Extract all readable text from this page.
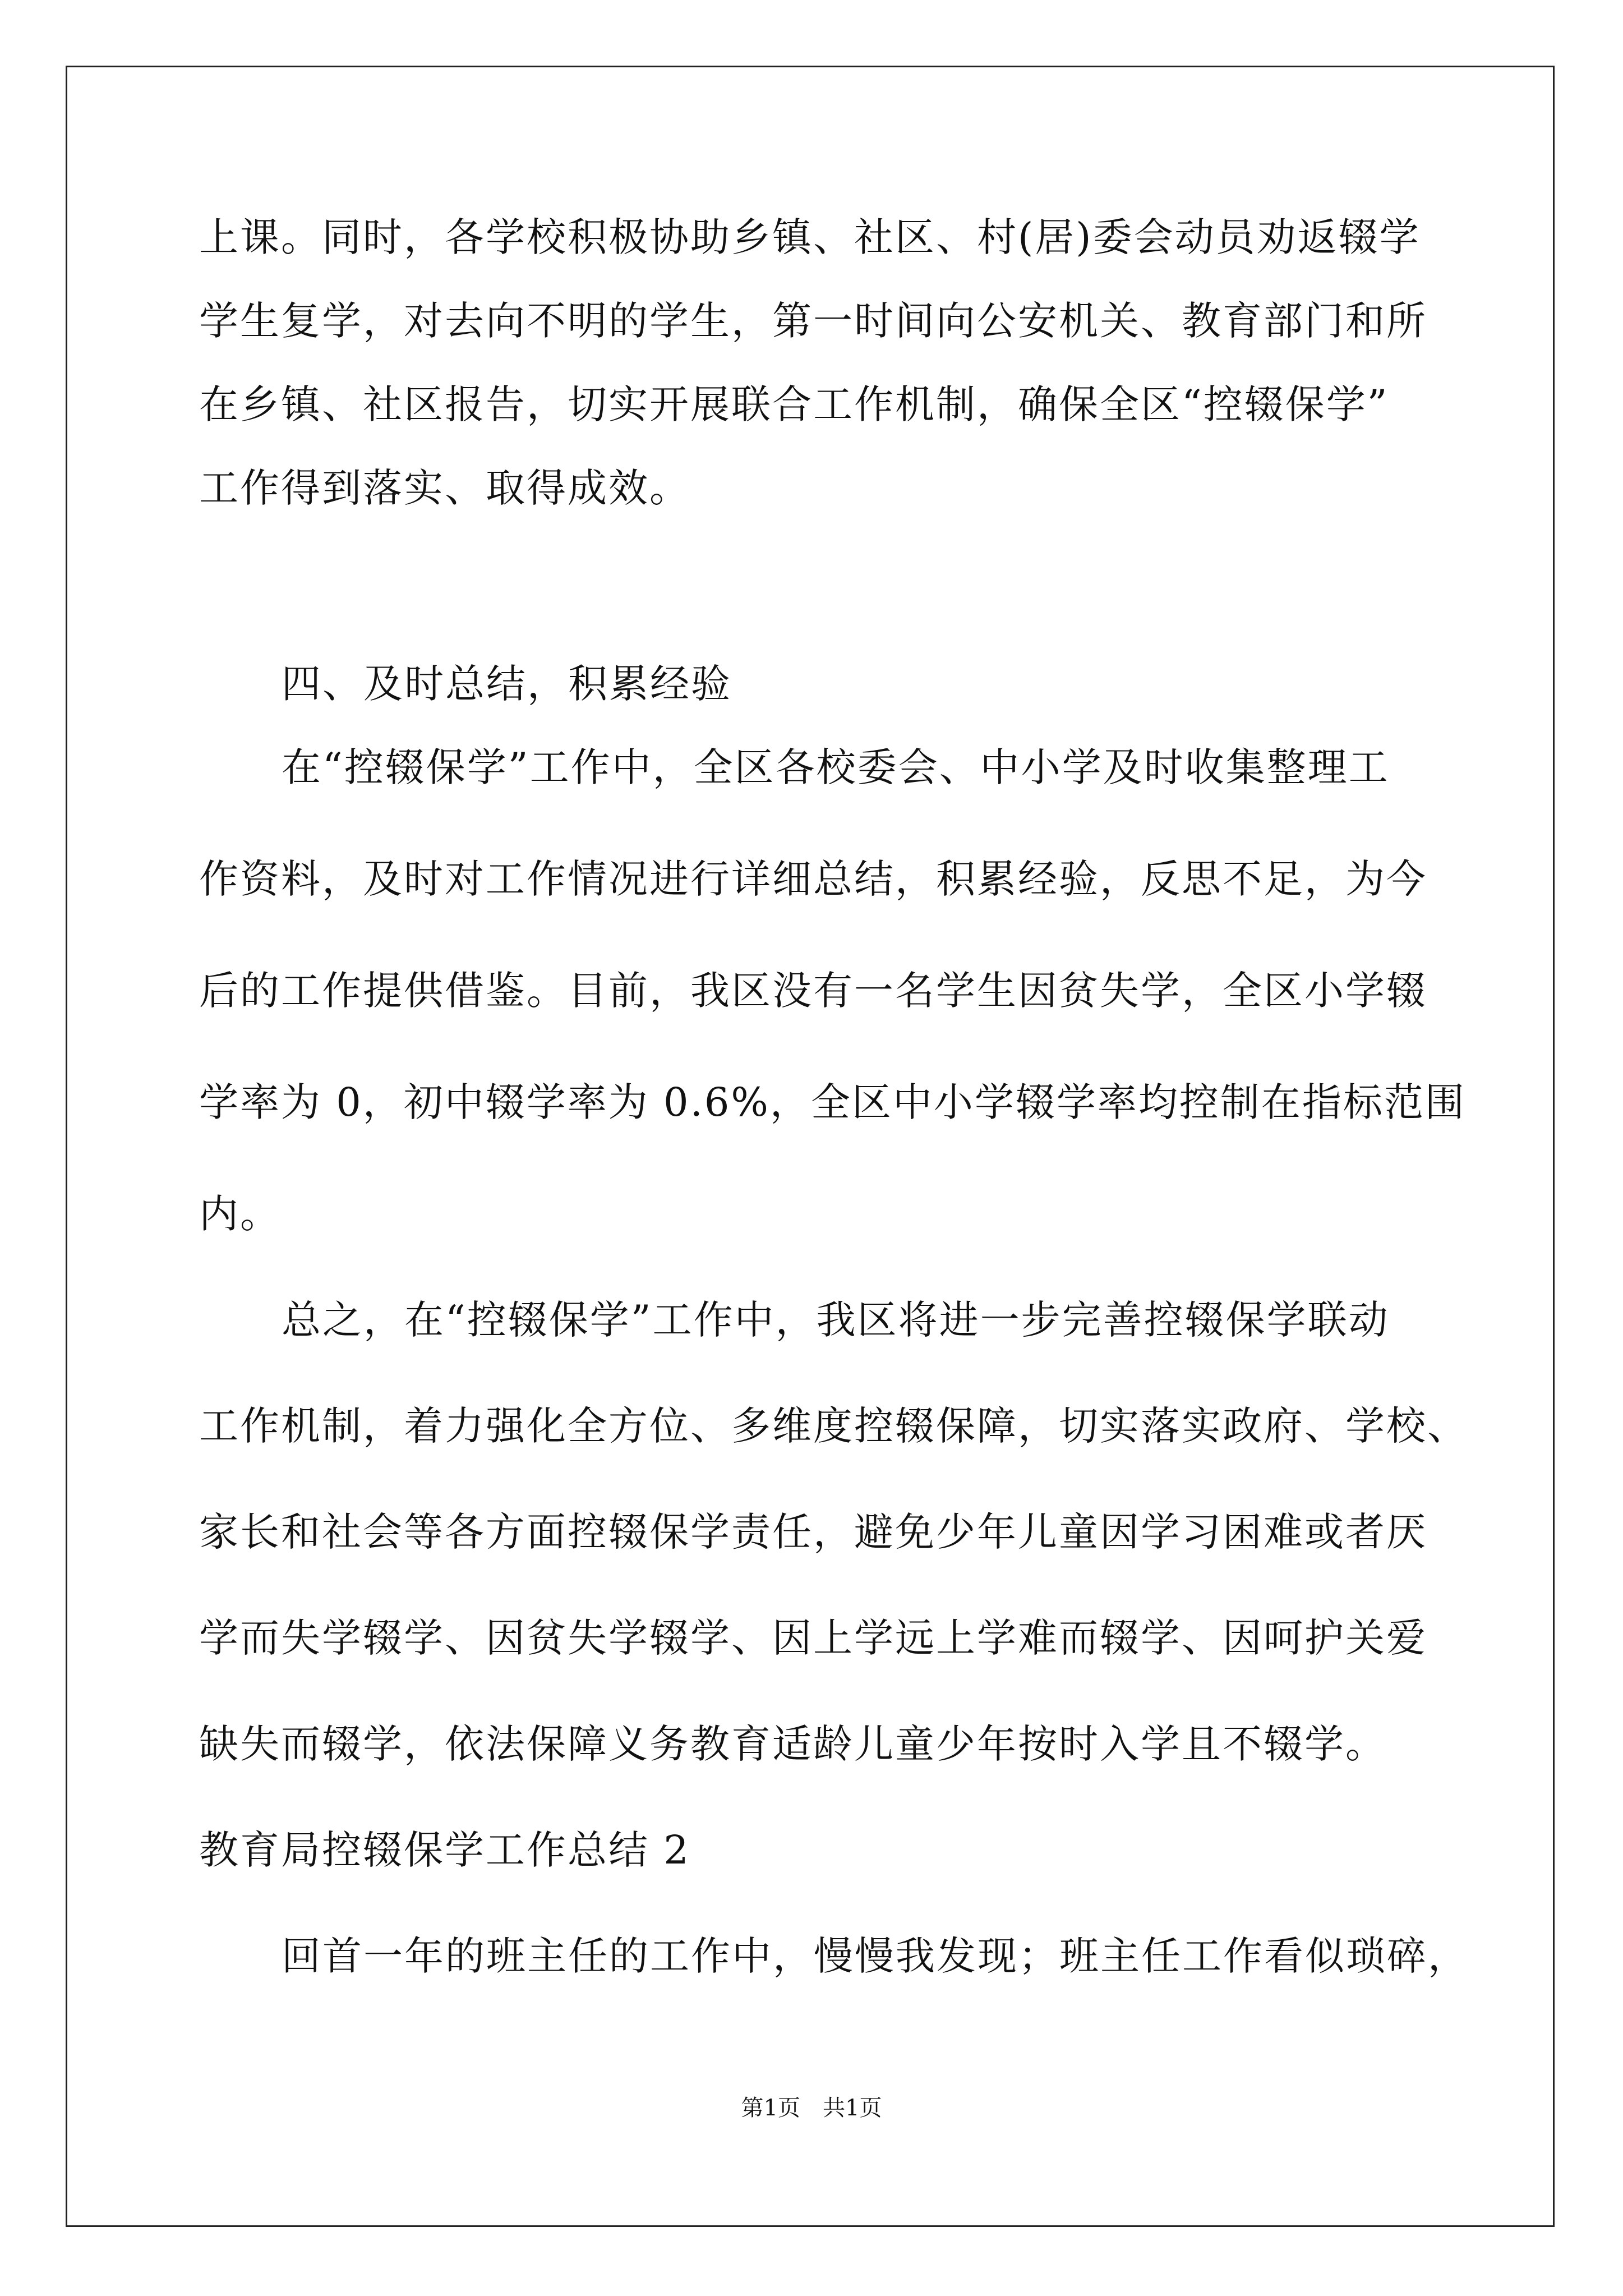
上课。同时，各学校积极协助乡镇、社区、村(居)委会动员劝返辍学
学生复学，对去向不明的学生，第一时间向公安机关、教育部门和所
在乡镇、社区报告，切实开展联合工作机制，确保全区“控辍保学”
工作得到落实、取得成效。
四、及时总结，积累经验
在“控辍保学”工作中，全区各校委会、中小学及时收集整理工
作资料，及时对工作情况进行详细总结，积累经验，反思不足，为今
后的工作提供借鉴。目前，我区没有一名学生因贫失学，全区小学辍
学率为 0，初中辍学率为 0.6%，全区中小学辍学率均控制在指标范围
内。
总之，在“控辍保学”工作中，我区将进一步完善控辍保学联动
工作机制，着力强化全方位、多维度控辍保障，切实落实政府、学校、
家长和社会等各方面控辍保学责任，避免少年儿童因学习困难或者厌
学而失学辍学、因贫失学辍学、因上学远上学难而辍学、因呵护关爱
缺失而辍学，依法保障义务教育适龄儿童少年按时入学且不辍学。
教育局控辍保学工作总结 2
回首一年的班主任的工作中，慢慢我发现；班主任工作看似琐碎，
第1页　共1页
